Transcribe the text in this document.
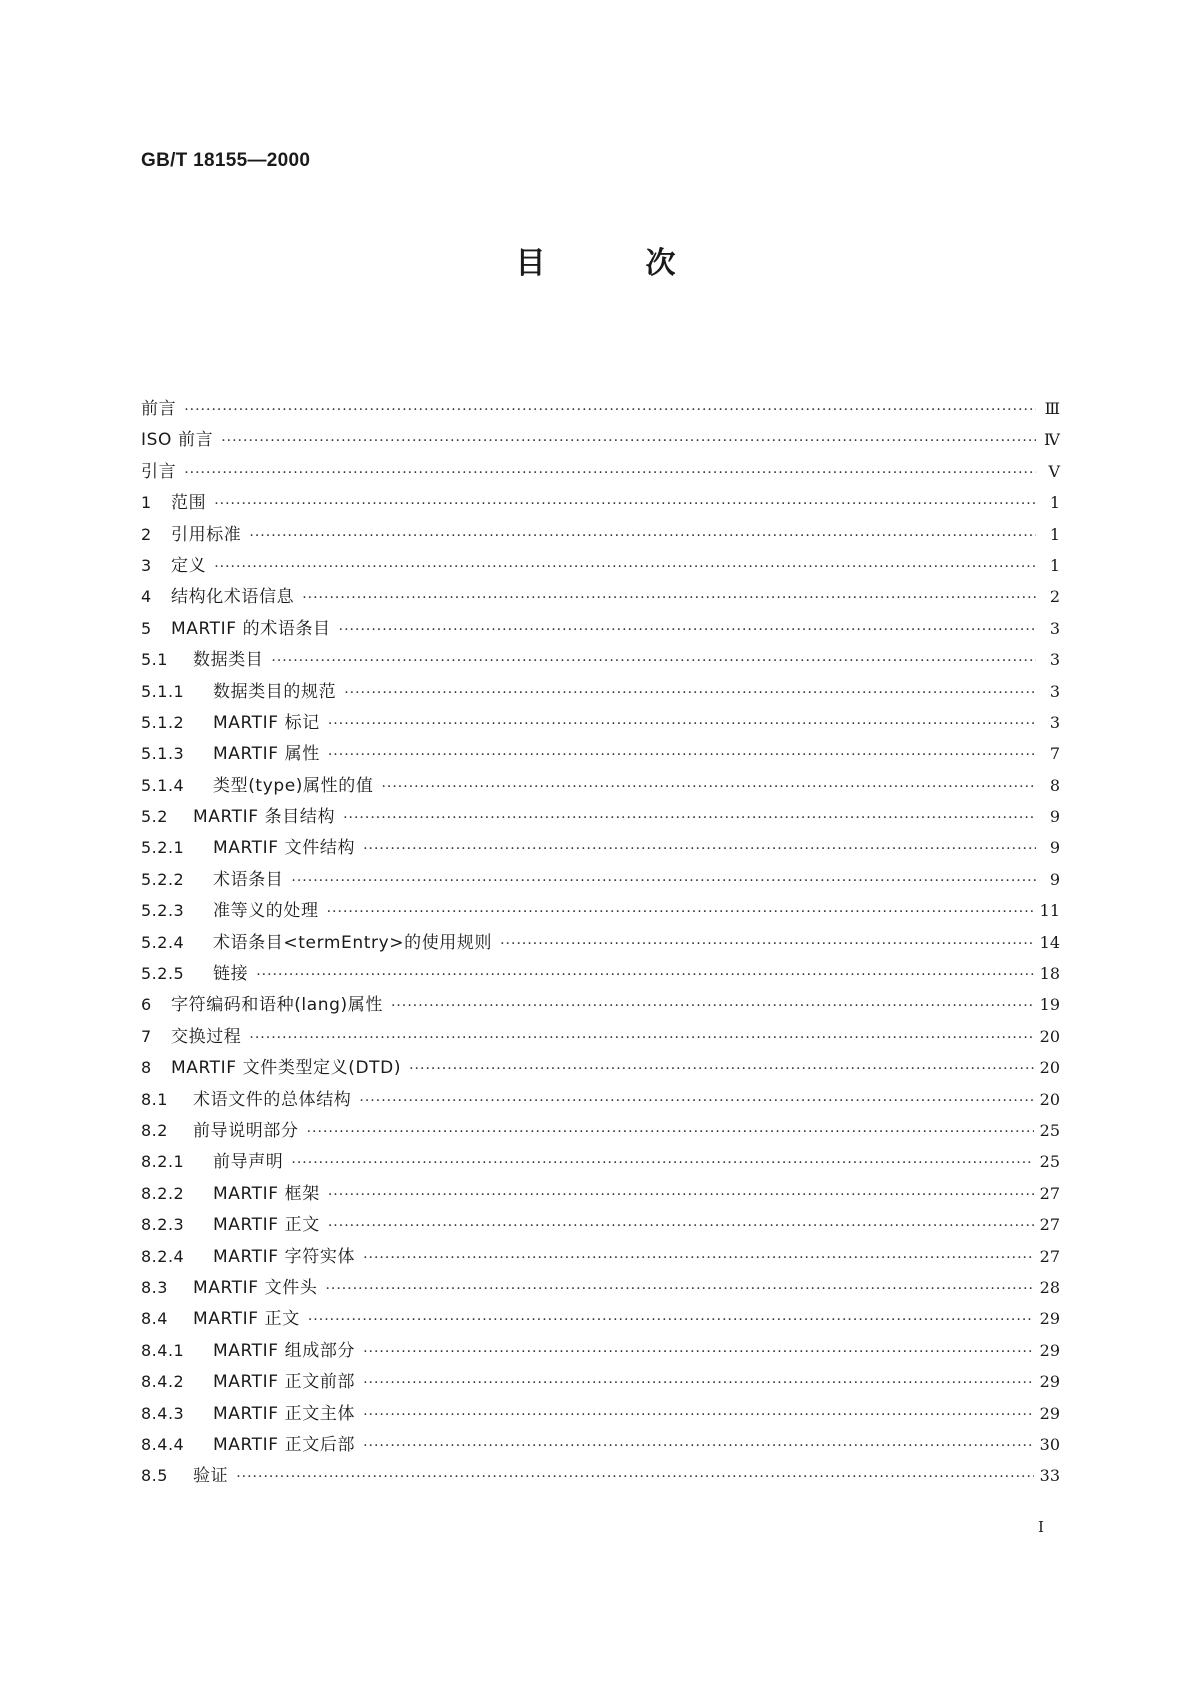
GB/T 18155—2000

目次
前言 ·····	Ⅲ
ISO 前言 ·····	Ⅳ
引言 ·····	Ⅴ
1	范围 ·····	1
2	引用标准 ·····	1
3	定义 ·····	1
4	结构化术语信息 ·····	2
5	MARTIF 的术语条目 ·····	3
5.1	数据类目 ·····	3
5.1.1	数据类目的规范 ·····	3
5.1.2	MARTIF 标记 ·····	3
5.1.3	MARTIF 属性 ·····	7
5.1.4	类型(type)属性的值 ·····	8
5.2	MARTIF 条目结构 ·····	9
5.2.1	MARTIF 文件结构 ·····	9
5.2.2	术语条目 ·····	9
5.2.3	准等义的处理 ·····	11
5.2.4	术语条目<termEntry>的使用规则 ·····	14
5.2.5	链接 ·····	18
6	字符编码和语种(lang)属性 ·····	19
7	交换过程 ·····	20
8	MARTIF 文件类型定义(DTD) ·····	20
8.1	术语文件的总体结构 ·····	20
8.2	前导说明部分 ·····	25
8.2.1	前导声明 ·····	25
8.2.2	MARTIF 框架 ·····	27
8.2.3	MARTIF 正文 ·····	27
8.2.4	MARTIF 字符实体 ·····	27
8.3	MARTIF 文件头 ·····	28
8.4	MARTIF 正文 ·····	29
8.4.1	MARTIF 组成部分 ·····	29
8.4.2	MARTIF 正文前部 ·····	29
8.4.3	MARTIF 正文主体 ·····	29
8.4.4	MARTIF 正文后部 ·····	30
8.5	验证 ·····	33

I
